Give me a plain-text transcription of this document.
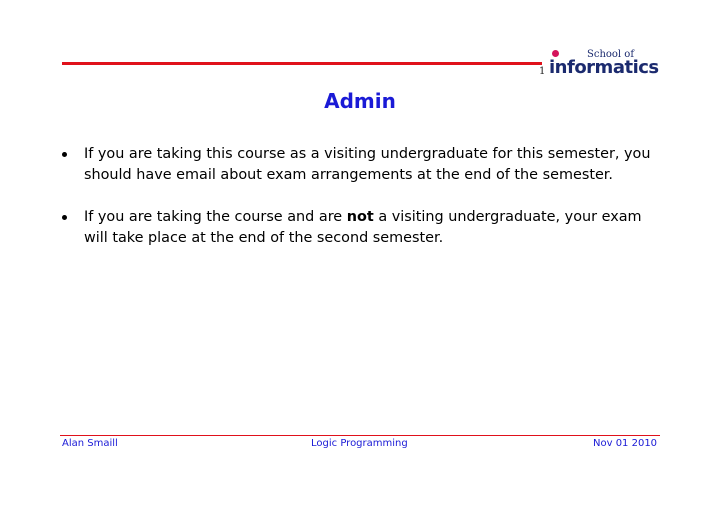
1
School of
informatics
Admin
If you are taking this course as a visiting undergraduate for this semester, you
should have email about exam arrangements at the end of the semester.
If you are taking the course and are not a visiting undergraduate, your exam
will take place at the end of the second semester.
Alan Smaill	Logic Programming	Nov 01 2010
